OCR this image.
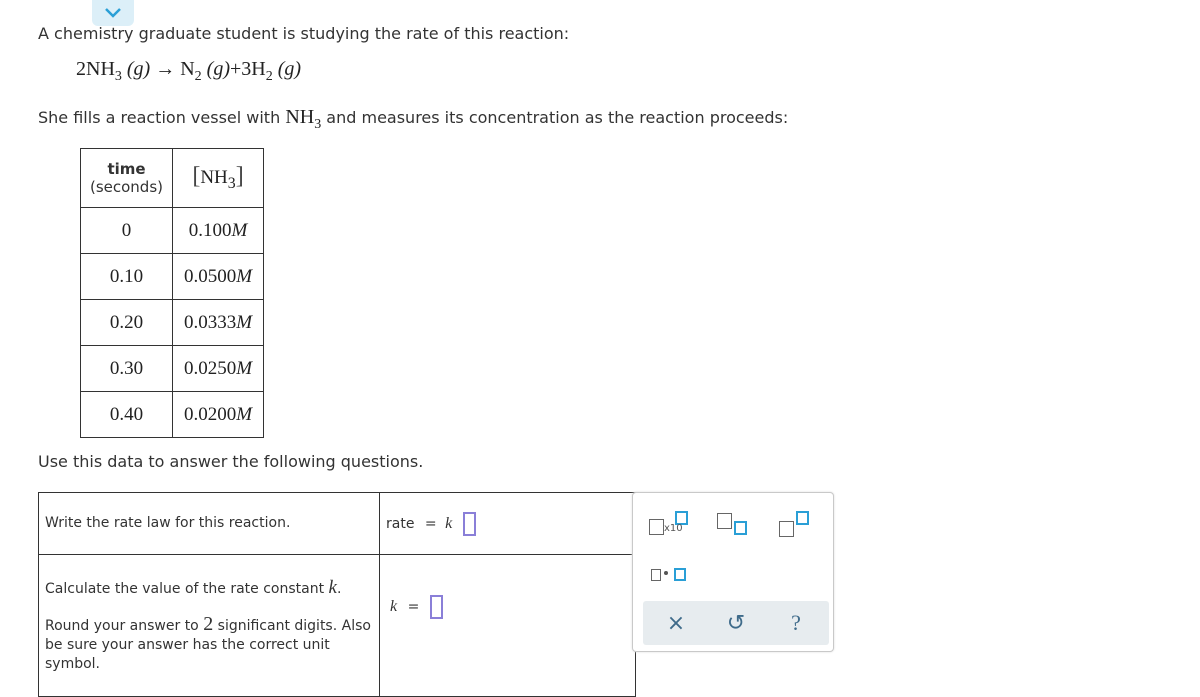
A chemistry graduate student is studying the rate of this reaction:
$2NH_3$ $(g) \to N_2$ $(g)+3H_2$ (g)
She fills a reaction vessel with $NH_3$ and measures its concentration as the reaction proceeds:
time
(seconds)	$[NH_3]$
0	0.100M
0.10	0.0500M
0.20	0.0333M
0.30	0.0250M
0.40	0.0200M
Use this data to answer the following questions.
Write the rate law for this reaction.	rate = k

Calculate the value of the rate constant k.
Round your answer to 2 significant digits. Also be sure your answer has the correct unit symbol.	k =
x10
× ↺ ?
